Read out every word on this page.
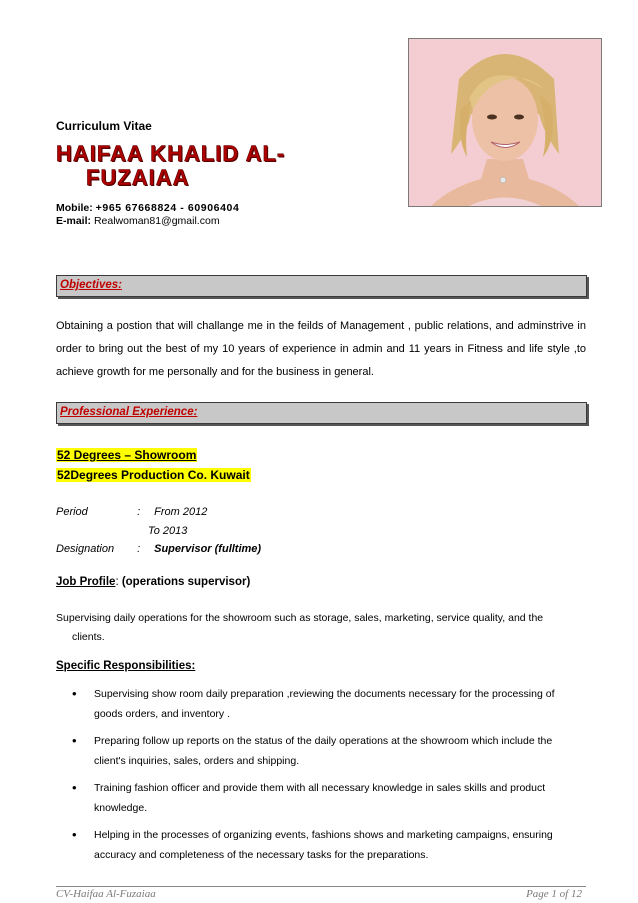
Curriculum Vitae
HAIFAA KHALID AL-
FUZAIAA
Mobile: +965 67668824 - 60906404
E-mail: Realwoman81@gmail.com
Objectives:
Obtaining a postion that will challange me in the feilds of Management , public relations, and adminstrive in order to bring out the best of my 10 years of experience in admin and 11 years in Fitness and life style ,to achieve growth for me personally and for the business in general.
Professional Experience:
52 Degrees – Showroom
52Degrees Production Co. Kuwait
Period	: From 2012
To 2013
Designation : Supervisor (fulltime)
Job Profile: (operations supervisor)
Supervising daily operations for the showroom such as storage, sales, marketing, service quality, and the
clients.
Specific Responsibilities:
• Supervising show room daily preparation ,reviewing the documents necessary for the processing of goods orders, and inventory .
• Preparing follow up reports on the status of the daily operations at the showroom which include the client's inquiries, sales, orders and shipping.
• Training fashion officer and provide them with all necessary knowledge in sales skills and product knowledge.
• Helping in the processes of organizing events, fashions shows and marketing campaigns, ensuring accuracy and completeness of the necessary tasks for the preparations.
CV-Haifaa Al-Fuzaiaa	Page 1 of 12
